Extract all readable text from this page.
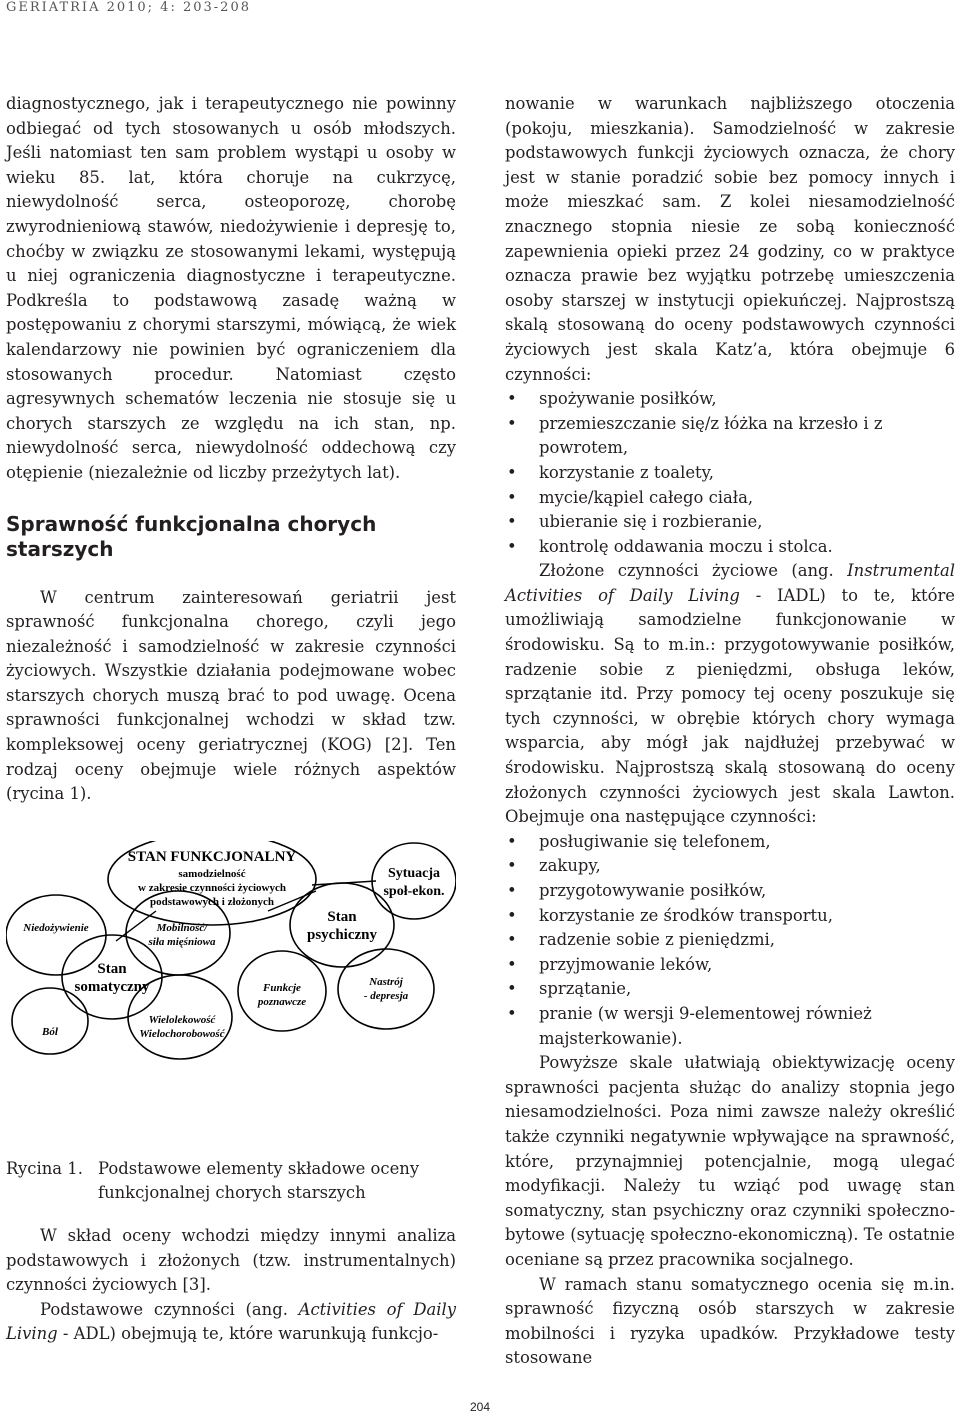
GERIATRIA 2010; 4: 203-208

diagnostycznego, jak i terapeutycznego nie powinny odbiegać od tych stosowanych u osób młodszych. Jeśli natomiast ten sam problem wystąpi u osoby w wieku 85. lat, która choruje na cukrzycę, niewydolność serca, osteoporozę, chorobę zwyrodnieniową stawów, niedożywienie i depresję to, choćby w związku ze stosowanymi lekami, występują u niej ograniczenia diagnostyczne i terapeutyczne. Podkreśla to podstawową zasadę ważną w postępowaniu z chorymi starszymi, mówiącą, że wiek kalendarzowy nie powinien być ograniczeniem dla stosowanych procedur. Natomiast często agresywnych schematów leczenia nie stosuje się u chorych starszych ze względu na ich stan, np. niewydolność serca, niewydolność oddechową czy otępienie (niezależnie od liczby przeżytych lat).

Sprawność funkcjonalna chorych starszych

W centrum zainteresowań geriatrii jest sprawność funkcjonalna chorego, czyli jego niezależność i samodzielność w zakresie czynności życiowych. Wszystkie działania podejmowane wobec starszych chorych muszą brać to pod uwagę. Ocena sprawności funkcjonalnej wchodzi w skład tzw. kompleksowej oceny geriatrycznej (KOG) [2]. Ten rodzaj oceny obejmuje wiele różnych aspektów (rycina 1).

STAN FUNKCJONALNY
samodzielność
w zakresie czynności życiowych
podstawowych i złożonych
Sytuacja
społ-ekon.
Stan
psychiczny
Niedożywienie
Ból
Stan
somatyczny
Mobilność/
siła mięśniowa
Wielolekowość
Wielochorobowość
Funkcje
poznawcze
Nastrój
- depresja
Rycina 1. Podstawowe elementy składowe oceny funkcjonalnej chorych starszych

W skład oceny wchodzi między innymi analiza podstawowych i złożonych (tzw. instrumentalnych) czynności życiowych [3].

Podstawowe czynności (ang. Activities of Daily Living - ADL) obejmują te, które warunkują funkcjo-

nowanie w warunkach najbliższego otoczenia (pokoju, mieszkania). Samodzielność w zakresie podstawowych funkcji życiowych oznacza, że chory jest w stanie poradzić sobie bez pomocy innych i może mieszkać sam. Z kolei niesamodzielność znacznego stopnia niesie ze sobą konieczność zapewnienia opieki przez 24 godziny, co w praktyce oznacza prawie bez wyjątku potrzebę umieszczenia osoby starszej w instytucji opiekuńczej. Najprostszą skalą stosowaną do oceny podstawowych czynności życiowych jest skala Katz’a, która obejmuje 6 czynności:

• spożywanie posiłków,
• przemieszczanie się/z łóżka na krzesło i z powrotem,
• korzystanie z toalety,
• mycie/kąpiel całego ciała,
• ubieranie się i rozbieranie,
• kontrolę oddawania moczu i stolca.

Złożone czynności życiowe (ang. Instrumental Activities of Daily Living - IADL) to te, które umożliwiają samodzielne funkcjonowanie w środowisku. Są to m.in.: przygotowywanie posiłków, radzenie sobie z pieniędzmi, obsługa leków, sprzątanie itd. Przy pomocy tej oceny poszukuje się tych czynności, w obrębie których chory wymaga wsparcia, aby mógł jak najdłużej przebywać w środowisku. Najprostszą skalą stosowaną do oceny złożonych czynności życiowych jest skala Lawton. Obejmuje ona następujące czynności:

• posługiwanie się telefonem,
• zakupy,
• przygotowywanie posiłków,
• korzystanie ze środków transportu,
• radzenie sobie z pieniędzmi,
• przyjmowanie leków,
• sprzątanie,
• pranie (w wersji 9-elementowej również majsterkowanie).

Powyższe skale ułatwiają obiektywizację oceny sprawności pacjenta służąc do analizy stopnia jego niesamodzielności. Poza nimi zawsze należy określić także czynniki negatywnie wpływające na sprawność, które, przynajmniej potencjalnie, mogą ulegać modyfikacji. Należy tu wziąć pod uwagę stan somatyczny, stan psychiczny oraz czynniki społeczno-bytowe (sytuację społeczno-ekonomiczną). Te ostatnie oceniane są przez pracownika socjalnego.

W ramach stanu somatycznego ocenia się m.in. sprawność fizyczną osób starszych w zakresie mobilności i ryzyka upadków. Przykładowe testy stosowane

204
